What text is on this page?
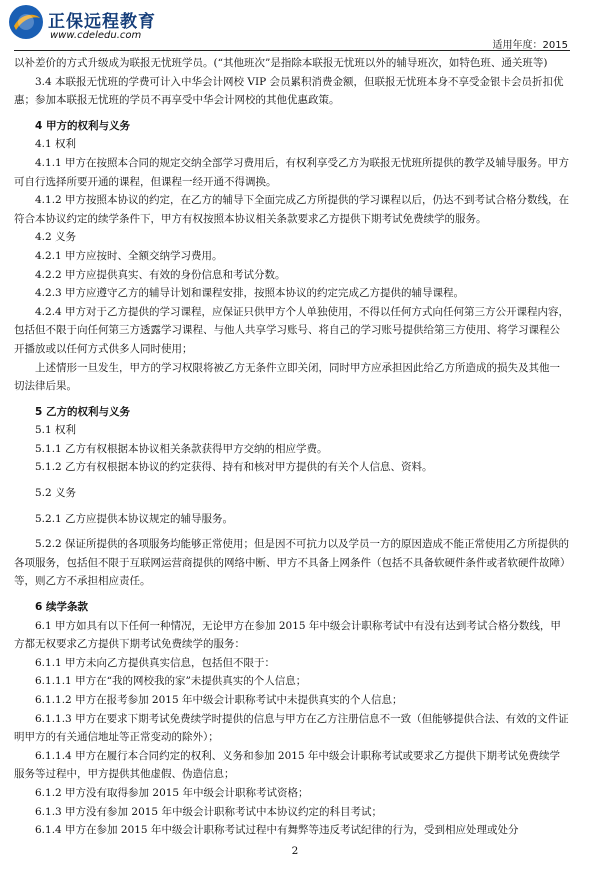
正保远程教育
www.cdeledu.com
适用年度：2015

以补差价的方式升级成为联报无忧班学员。(“其他班次”是指除本联报无忧班以外的辅导班次，如特色班、通关班等)

3.4 本联报无忧班的学费可计入中华会计网校 VIP 会员累积消费金额，但联报无忧班本身不享受金银卡会员折扣优惠；参加本联报无忧班的学员不再享受中华会计网校的其他优惠政策。

4 甲方的权利与义务

4.1 权利

4.1.1 甲方在按照本合同的规定交纳全部学习费用后，有权利享受乙方为联报无忧班所提供的教学及辅导服务。甲方可自行选择所要开通的课程，但课程一经开通不得调换。

4.1.2 甲方按照本协议的约定，在乙方的辅导下全面完成乙方所提供的学习课程以后，仍达不到考试合格分数线，在符合本协议约定的续学条件下，甲方有权按照本协议相关条款要求乙方提供下期考试免费续学的服务。

4.2 义务

4.2.1 甲方应按时、全额交纳学习费用。

4.2.2 甲方应提供真实、有效的身份信息和考试分数。

4.2.3 甲方应遵守乙方的辅导计划和课程安排，按照本协议的约定完成乙方提供的辅导课程。

4.2.4 甲方对于乙方提供的学习课程，应保证只供甲方个人单独使用，不得以任何方式向任何第三方公开课程内容，包括但不限于向任何第三方透露学习课程、与他人共享学习账号、将自己的学习账号提供给第三方使用、将学习课程公开播放或以任何方式供多人同时使用；

上述情形一旦发生，甲方的学习权限将被乙方无条件立即关闭，同时甲方应承担因此给乙方所造成的损失及其他一切法律后果。

5 乙方的权利与义务

5.1 权利

5.1.1 乙方有权根据本协议相关条款获得甲方交纳的相应学费。

5.1.2 乙方有权根据本协议的约定获得、持有和核对甲方提供的有关个人信息、资料。

5.2 义务

5.2.1 乙方应提供本协议规定的辅导服务。

5.2.2 保证所提供的各项服务均能够正常使用；但是因不可抗力以及学员一方的原因造成不能正常使用乙方所提供的各项服务，包括但不限于互联网运营商提供的网络中断、甲方不具备上网条件（包括不具备软硬件条件或者软硬件故障）等，则乙方不承担相应责任。

6 续学条款

6.1 甲方如具有以下任何一种情况，无论甲方在参加 2015 年中级会计职称考试中有没有达到考试合格分数线，甲方都无权要求乙方提供下期考试免费续学的服务：

6.1.1 甲方未向乙方提供真实信息，包括但不限于：

6.1.1.1 甲方在“我的网校我的家”未提供真实的个人信息；

6.1.1.2 甲方在报考参加 2015 年中级会计职称考试中未提供真实的个人信息；

6.1.1.3 甲方在要求下期考试免费续学时提供的信息与甲方在乙方注册信息不一致（但能够提供合法、有效的文件证明甲方的有关通信地址等正常变动的除外）；

6.1.1.4 甲方在履行本合同约定的权利、义务和参加 2015 年中级会计职称考试或要求乙方提供下期考试免费续学服务等过程中，甲方提供其他虚假、伪造信息；

6.1.2 甲方没有取得参加 2015 年中级会计职称考试资格；

6.1.3 甲方没有参加 2015 年中级会计职称考试中本协议约定的科目考试；

6.1.4 甲方在参加 2015 年中级会计职称考试过程中有舞弊等违反考试纪律的行为，受到相应处理或处分

2
